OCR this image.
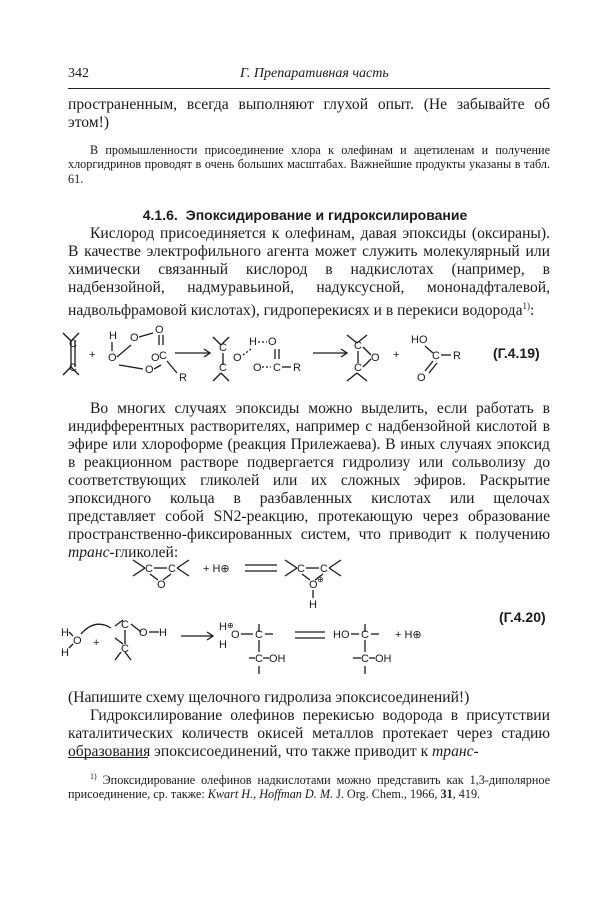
342	Г. Препаративная часть

пространенным, всегда выполняют глухой опыт. (Не забывайте об этом!)

В промышленности присоединение хлора к олефинам и ацетиленам и получение хлоргидринов проводят в очень больших масштабах. Важнейшие продукты указаны в табл. 61.

4.1.6. Эпоксидирование и гидроксилирование

Кислород присоединяется к олефинам, давая эпоксиды (оксираны). В качестве электрофильного агента может служить молекулярный или химически связанный кислород в надкислотах (например, в надбензойной, надмуравьиной, надуксусной, мононадфталевой, надвольфрамовой кислотах), гидроперекисях и в перекиси водорода$^{1)}$:

C
C
+
H
O
O
O
O
C
O
R
C
C
O
H O
O C R
C
C
O +
HO
C R
O
(Г.4.19)

Во многих случаях эпоксиды можно выделить, если работать в индифферентных растворителях, например с надбензойной кислотой в эфире или хлороформе (реакция Прилежаева). В иных случаях эпоксид в реакционном растворе подвергается гидролизу или сольволизу до соответствующих гликолей или их сложных эфиров. Раскрытие эпоксидного кольца в разбавленных кислотах или щелочах представляет собой SN2-реакцию, протекающую через образование пространственно-фиксированных систем, что приводит к получению транс-гликолей:

C C
O
+ H⊕	C C
O ⊕
H
H
O
H
+
C
C
O H	H
O
⊕
H
C
C OH
HO C
C OH
+ H⊕
(Г.4.20)

(Напишите схему щелочного гидролиза эпоксисоединений!)

Гидроксилирование олефинов перекисью водорода в присутствии каталитических количеств окисей металлов протекает через стадию образования эпоксисоединений, что также приводит к транс-

$^{1)}$ Эпоксидирование олефинов надкислотами можно представить как 1,3-диполярное присоединение, ср. также: Kwart H., Hoffman D. M. J. Org. Chem., 1966, 31, 419.
